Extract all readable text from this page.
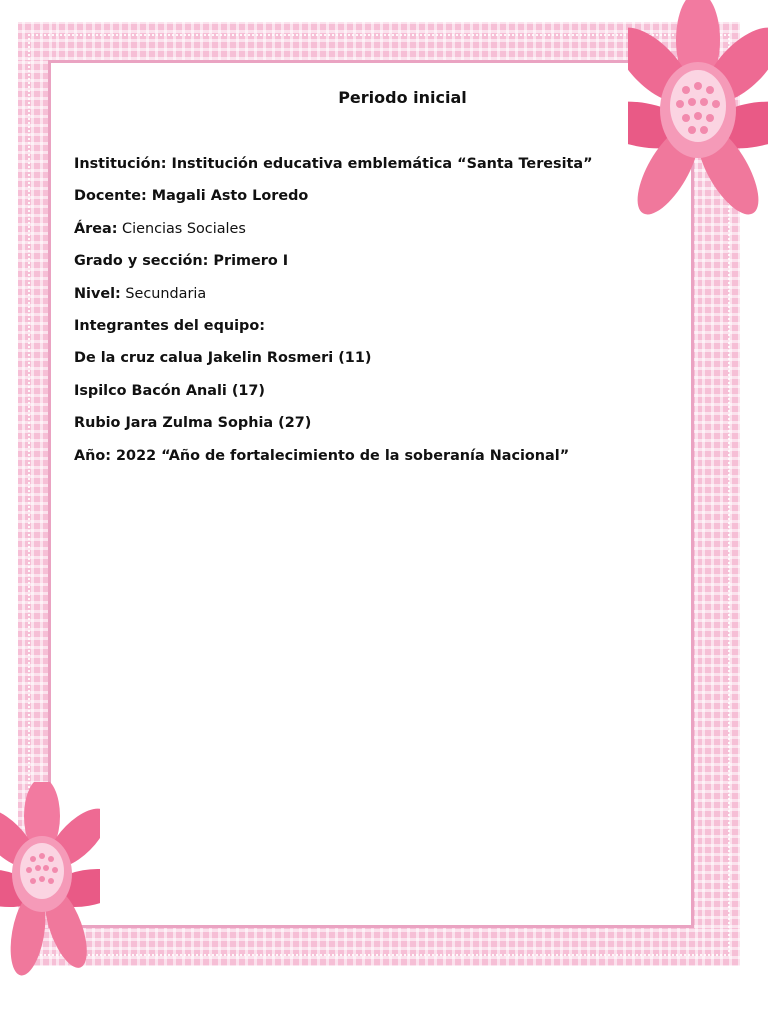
Periodo inicial
Institución: Institución educativa emblemática “Santa Teresita”
Docente: Magali Asto Loredo
Área: Ciencias Sociales
Grado y sección: Primero I
Nivel: Secundaria
Integrantes del equipo:
De la cruz calua Jakelin Rosmeri (11)
Ispilco Bacón Anali (17)
Rubio Jara Zulma Sophia (27)
Año: 2022 “Año de fortalecimiento de la soberanía Nacional”
